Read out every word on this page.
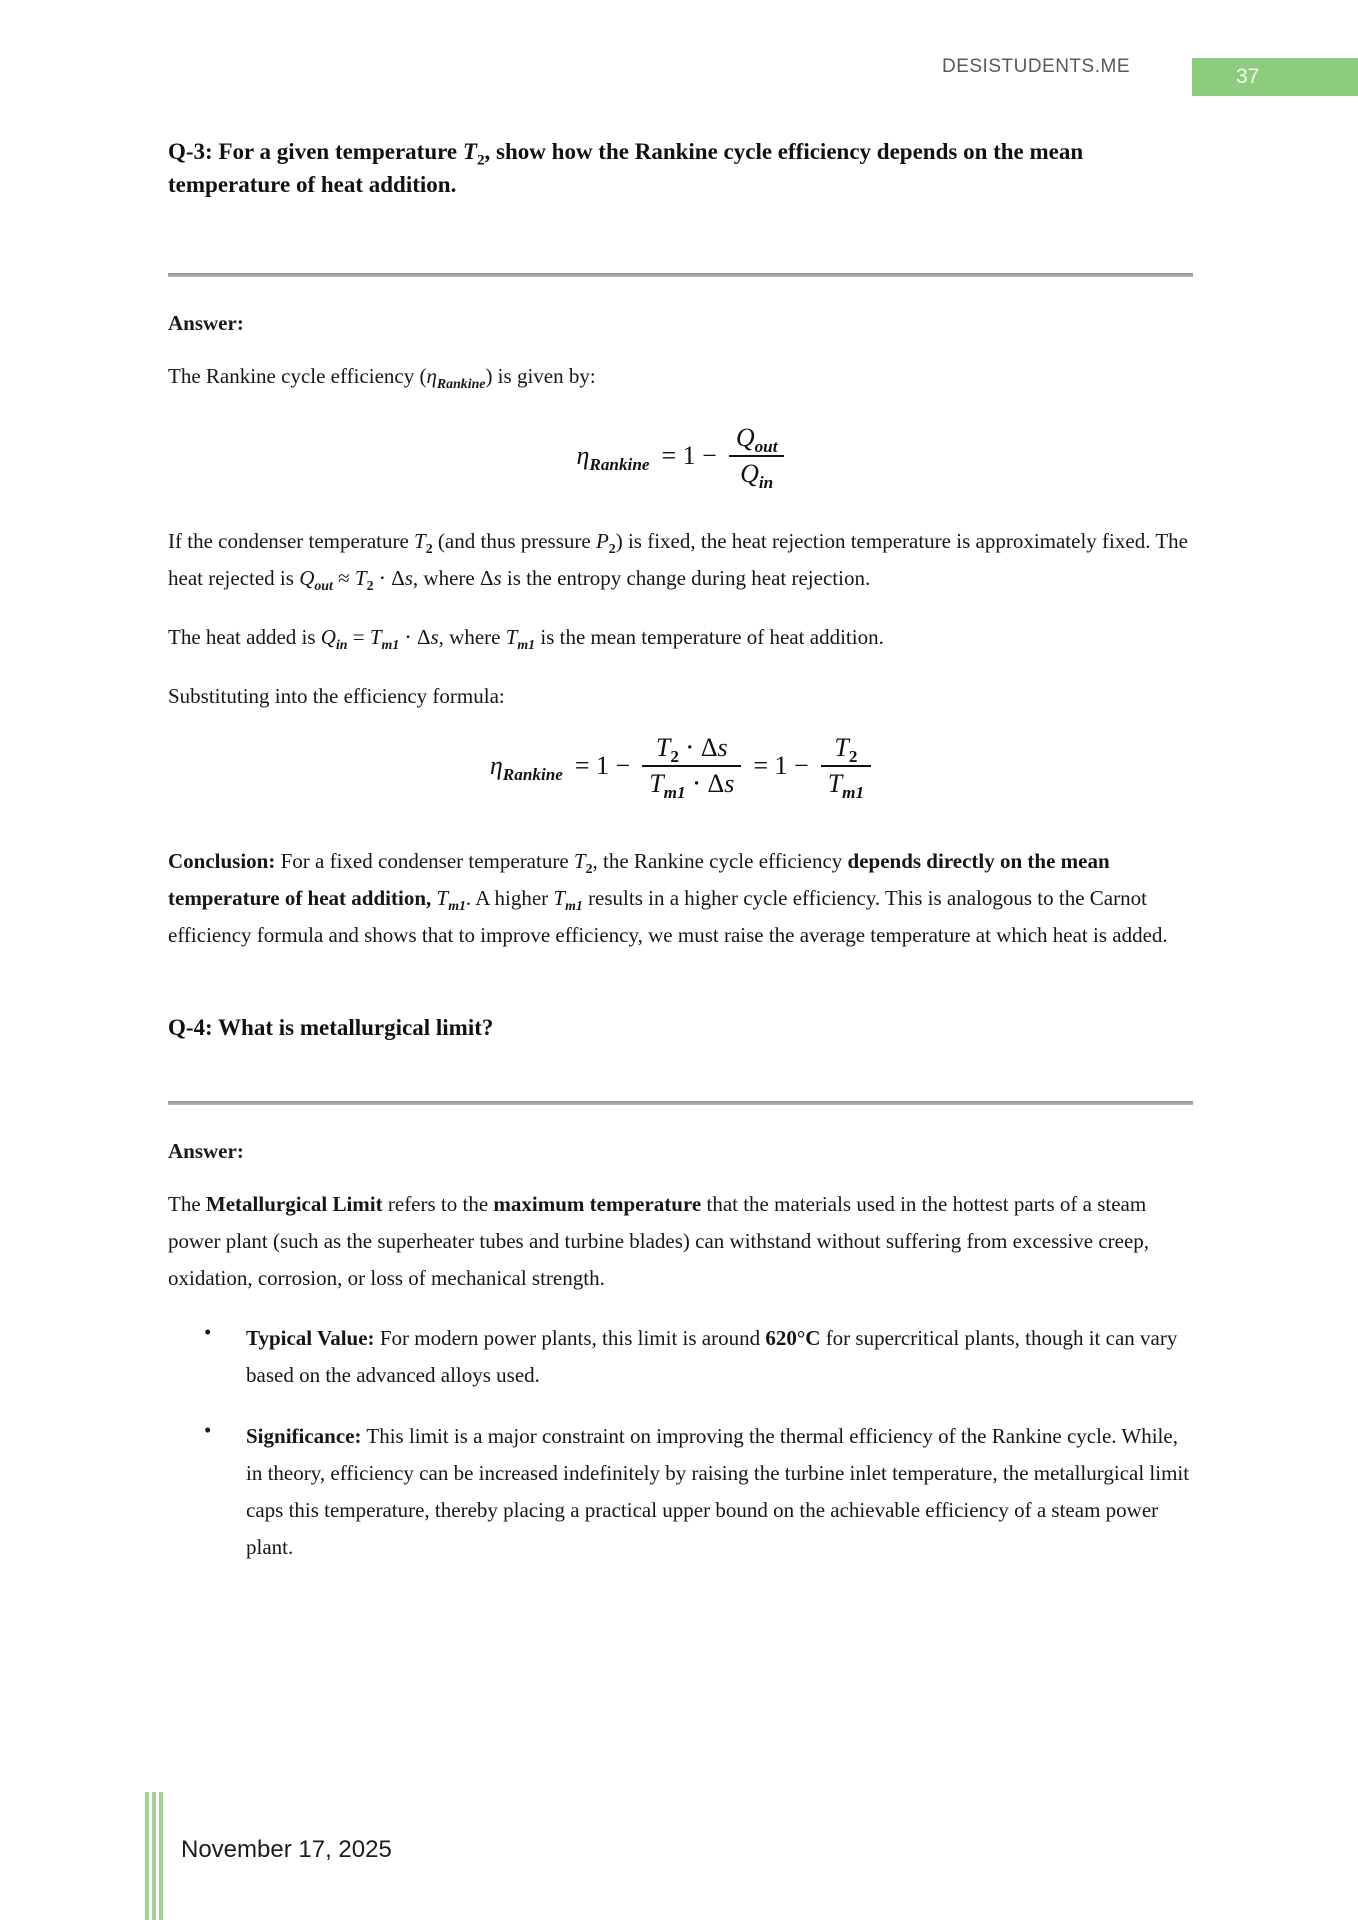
DESISTUDENTS.ME	37
Q-3: For a given temperature $T_2$, show how the Rankine cycle efficiency depends on the mean temperature of heat addition.
Answer:

The Rankine cycle efficiency $(\eta_{Rankine})$ is given by:

$\eta_{Rankine} = 1 - \frac{Q_{out}}{Q_{in}}$

If the condenser temperature $T_2$ (and thus pressure $P_2$) is fixed, the heat rejection temperature is approximately fixed. The heat rejected is $Q_{out} \approx T_2 \cdot \Delta s$, where Δs is the entropy change during heat rejection.

The heat added is $Q_{in} = T_{m1} \cdot \Delta s$, where $T_{m1}$ is the mean temperature of heat addition.

Substituting into the efficiency formula:

$\eta_{Rankine} = 1 - \frac{T_2 \cdot \Delta s}{T_{m1} \cdot \Delta s} = 1 - \frac{T_2}{T_{m1}}$

Conclusion: For a fixed condenser temperature $T_2$, the Rankine cycle efficiency depends directly on the mean temperature of heat addition, $T_{m1}$. A higher $T_{m1}$ results in a higher cycle efficiency. This is analogous to the Carnot efficiency formula and shows that to improve efficiency, we must raise the average temperature at which heat is added.

Q-4: What is metallurgical limit?
Answer:

The Metallurgical Limit refers to the maximum temperature that the materials used in the hottest parts of a steam power plant (such as the superheater tubes and turbine blades) can withstand without suffering from excessive creep, oxidation, corrosion, or loss of mechanical strength.

•	Typical Value: For modern power plants, this limit is around 620°C for supercritical plants, though it can vary based on the advanced alloys used.
•	Significance: This limit is a major constraint on improving the thermal efficiency of the Rankine cycle. While, in theory, efficiency can be increased indefinitely by raising the turbine inlet temperature, the metallurgical limit caps this temperature, thereby placing a practical upper bound on the achievable efficiency of a steam power plant.
November 17, 2025
